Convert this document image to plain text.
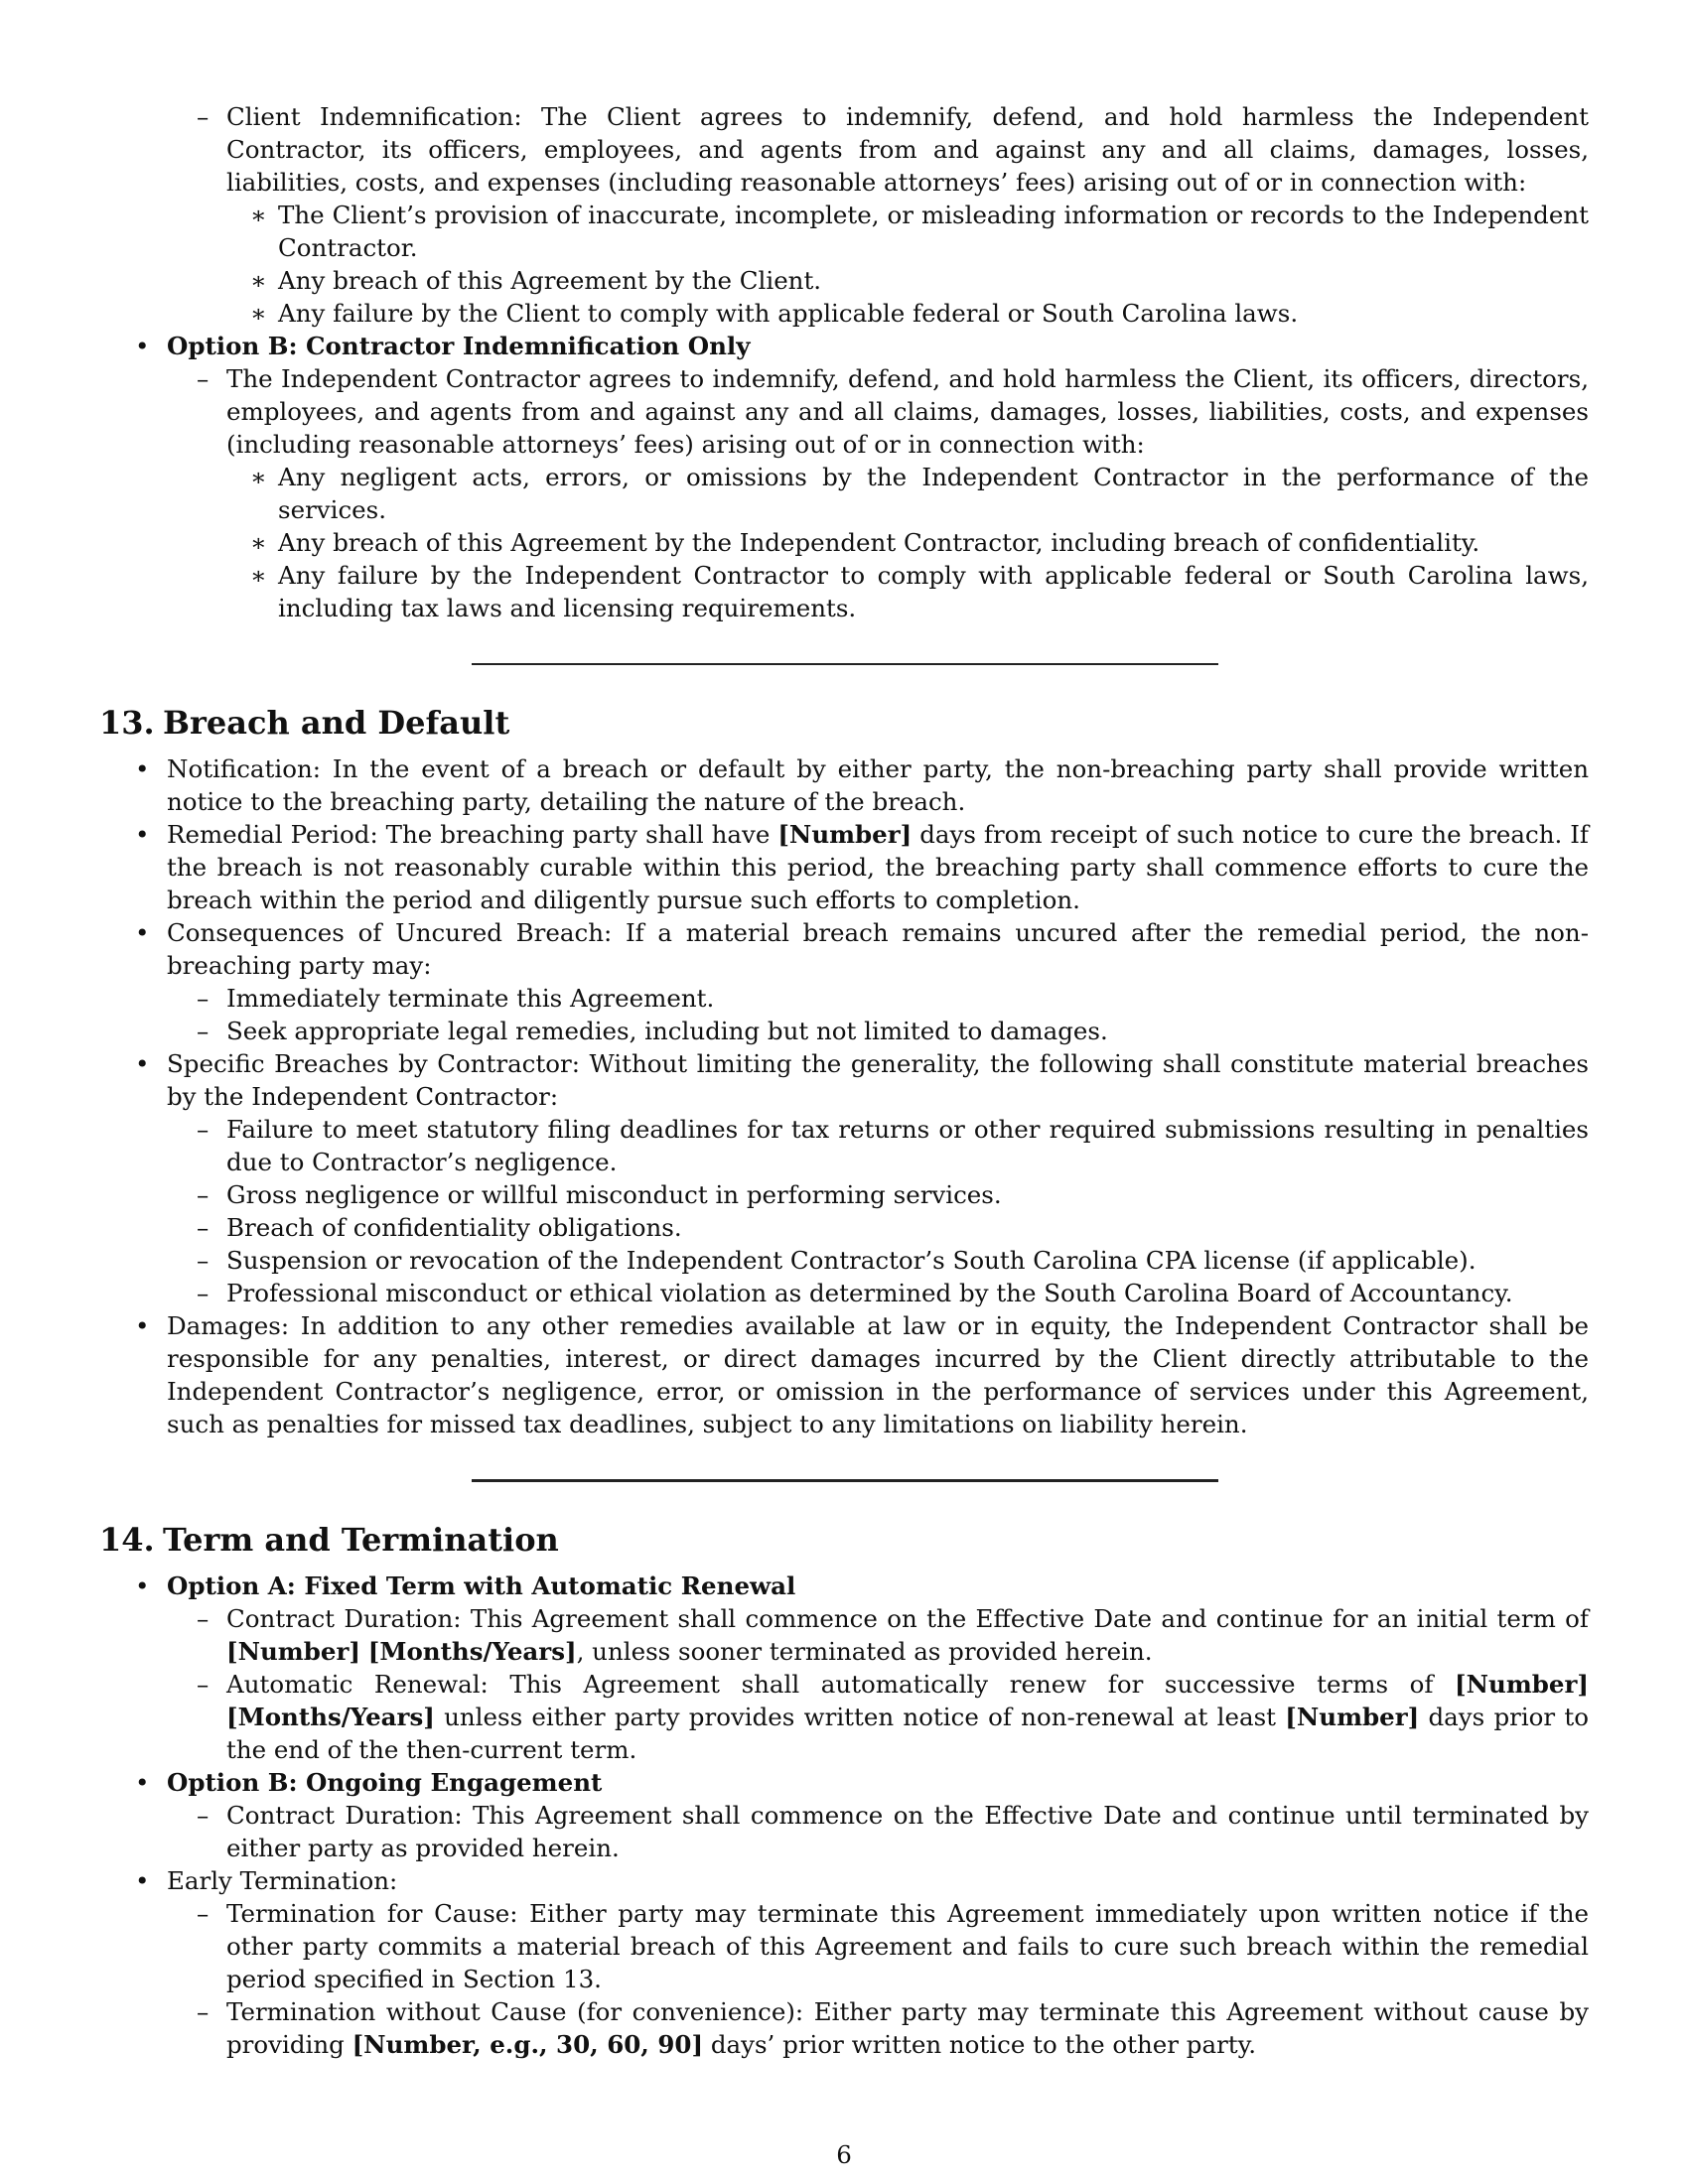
– Client Indemnification: The Client agrees to indemnify, defend, and hold harmless the Independent Contractor, its officers, employees, and agents from and against any and all claims, damages, losses, liabilities, costs, and expenses (including reasonable attorneys’ fees) arising out of or in connection with:
∗ The Client’s provision of inaccurate, incomplete, or misleading information or records to the Independent Contractor.
∗ Any breach of this Agreement by the Client.
∗ Any failure by the Client to comply with applicable federal or South Carolina laws.
• Option B: Contractor Indemnification Only
– The Independent Contractor agrees to indemnify, defend, and hold harmless the Client, its officers, directors, employees, and agents from and against any and all claims, damages, losses, liabilities, costs, and expenses (including reasonable attorneys’ fees) arising out of or in connection with:
∗ Any negligent acts, errors, or omissions by the Independent Contractor in the performance of the services.
∗ Any breach of this Agreement by the Independent Contractor, including breach of confidentiality.
∗ Any failure by the Independent Contractor to comply with applicable federal or South Carolina laws, including tax laws and licensing requirements.
13. Breach and Default
• Notification: In the event of a breach or default by either party, the non-breaching party shall provide written notice to the breaching party, detailing the nature of the breach.
• Remedial Period: The breaching party shall have [Number] days from receipt of such notice to cure the breach. If the breach is not reasonably curable within this period, the breaching party shall commence efforts to cure the breach within the period and diligently pursue such efforts to completion.
• Consequences of Uncured Breach: If a material breach remains uncured after the remedial period, the non-breaching party may:
– Immediately terminate this Agreement.
– Seek appropriate legal remedies, including but not limited to damages.
• Specific Breaches by Contractor: Without limiting the generality, the following shall constitute material breaches by the Independent Contractor:
– Failure to meet statutory filing deadlines for tax returns or other required submissions resulting in penalties due to Contractor’s negligence.
– Gross negligence or willful misconduct in performing services.
– Breach of confidentiality obligations.
– Suspension or revocation of the Independent Contractor’s South Carolina CPA license (if applicable).
– Professional misconduct or ethical violation as determined by the South Carolina Board of Accountancy.
• Damages: In addition to any other remedies available at law or in equity, the Independent Contractor shall be responsible for any penalties, interest, or direct damages incurred by the Client directly attributable to the Independent Contractor’s negligence, error, or omission in the performance of services under this Agreement, such as penalties for missed tax deadlines, subject to any limitations on liability herein.
14. Term and Termination
• Option A: Fixed Term with Automatic Renewal
– Contract Duration: This Agreement shall commence on the Effective Date and continue for an initial term of [Number] [Months/Years], unless sooner terminated as provided herein.
– Automatic Renewal: This Agreement shall automatically renew for successive terms of [Number] [Months/Years] unless either party provides written notice of non-renewal at least [Number] days prior to the end of the then-current term.
• Option B: Ongoing Engagement
– Contract Duration: This Agreement shall commence on the Effective Date and continue until terminated by either party as provided herein.
• Early Termination:
– Termination for Cause: Either party may terminate this Agreement immediately upon written notice if the other party commits a material breach of this Agreement and fails to cure such breach within the remedial period specified in Section 13.
– Termination without Cause (for convenience): Either party may terminate this Agreement without cause by providing [Number, e.g., 30, 60, 90] days’ prior written notice to the other party.
6
